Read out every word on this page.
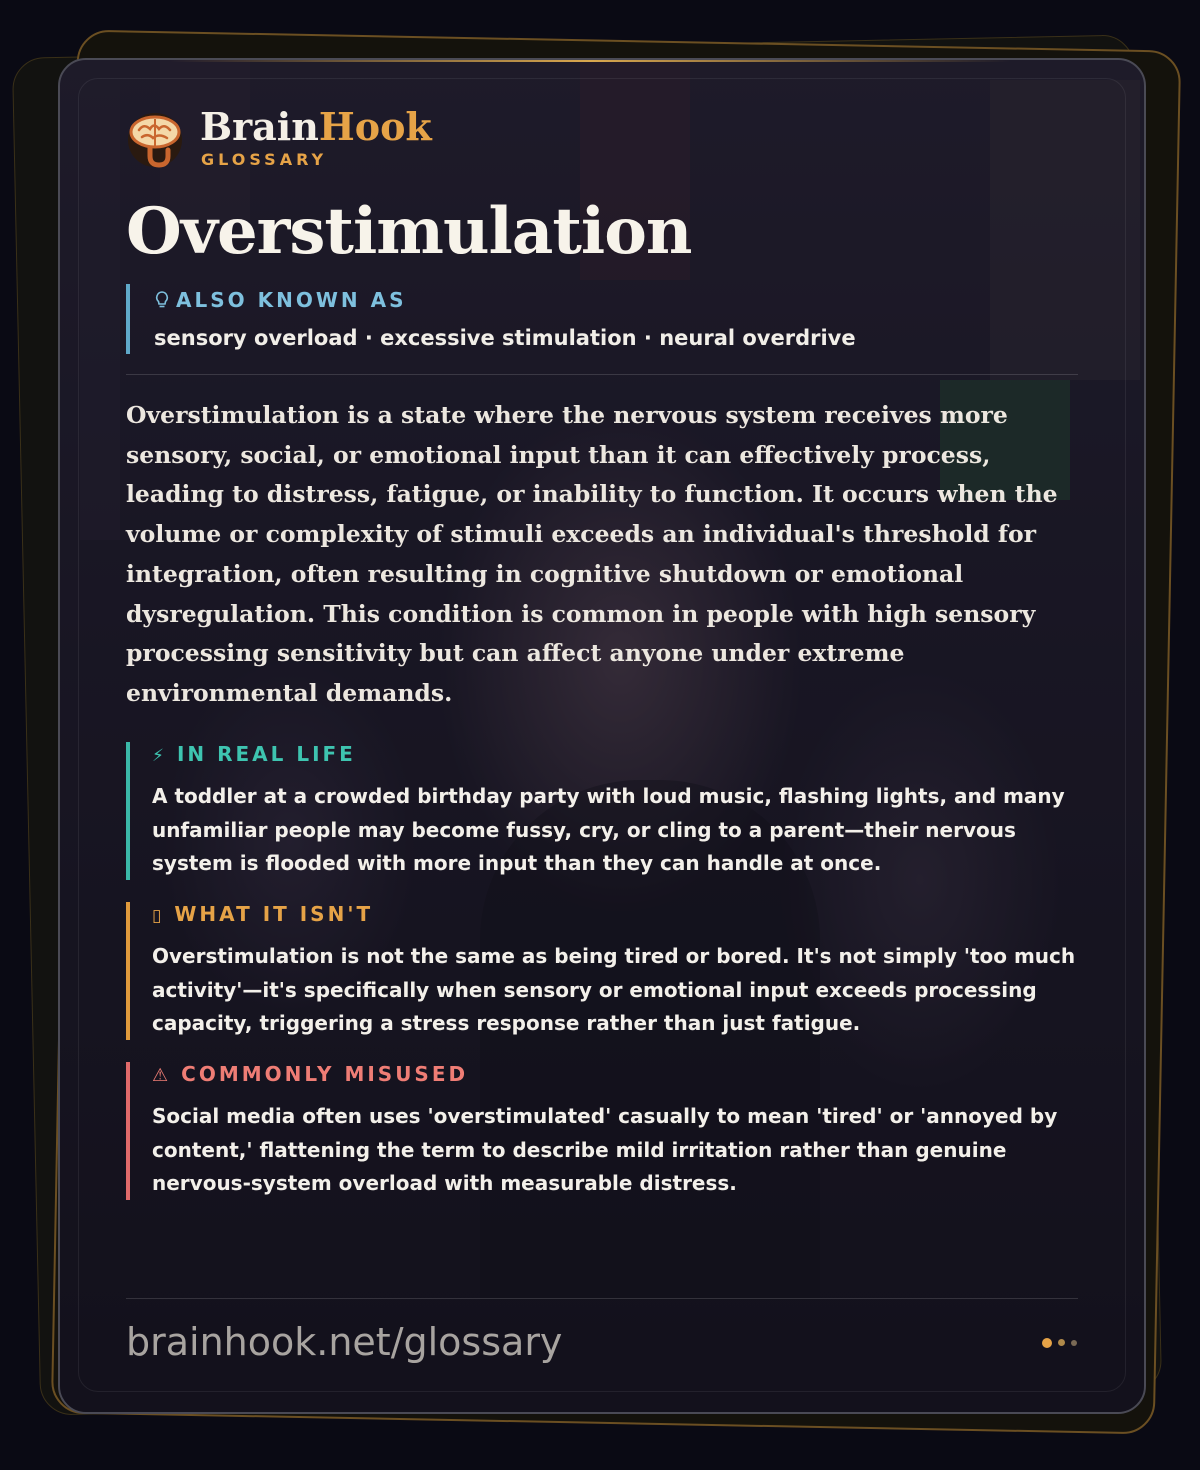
BrainHook
GLOSSARY
Overstimulation
ALSO KNOWN AS
sensory overload · excessive stimulation · neural overdrive

Overstimulation is a state where the nervous system receives more sensory, social, or emotional input than it can effectively process, leading to distress, fatigue, or inability to function. It occurs when the volume or complexity of stimuli exceeds an individual's threshold for integration, often resulting in cognitive shutdown or emotional dysregulation. This condition is common in people with high sensory processing sensitivity but can affect anyone under extreme environmental demands.

⚡ IN REAL LIFE
A toddler at a crowded birthday party with loud music, flashing lights, and many unfamiliar people may become fussy, cry, or cling to a parent—their nervous system is flooded with more input than they can handle at once.
▯ WHAT IT ISN'T
Overstimulation is not the same as being tired or bored. It's not simply 'too much activity'—it's specifically when sensory or emotional input exceeds processing capacity, triggering a stress response rather than just fatigue.
⚠ COMMONLY MISUSED
Social media often uses 'overstimulated' casually to mean 'tired' or 'annoyed by content,' flattening the term to describe mild irritation rather than genuine nervous-system overload with measurable distress.
brainhook.net/glossary
